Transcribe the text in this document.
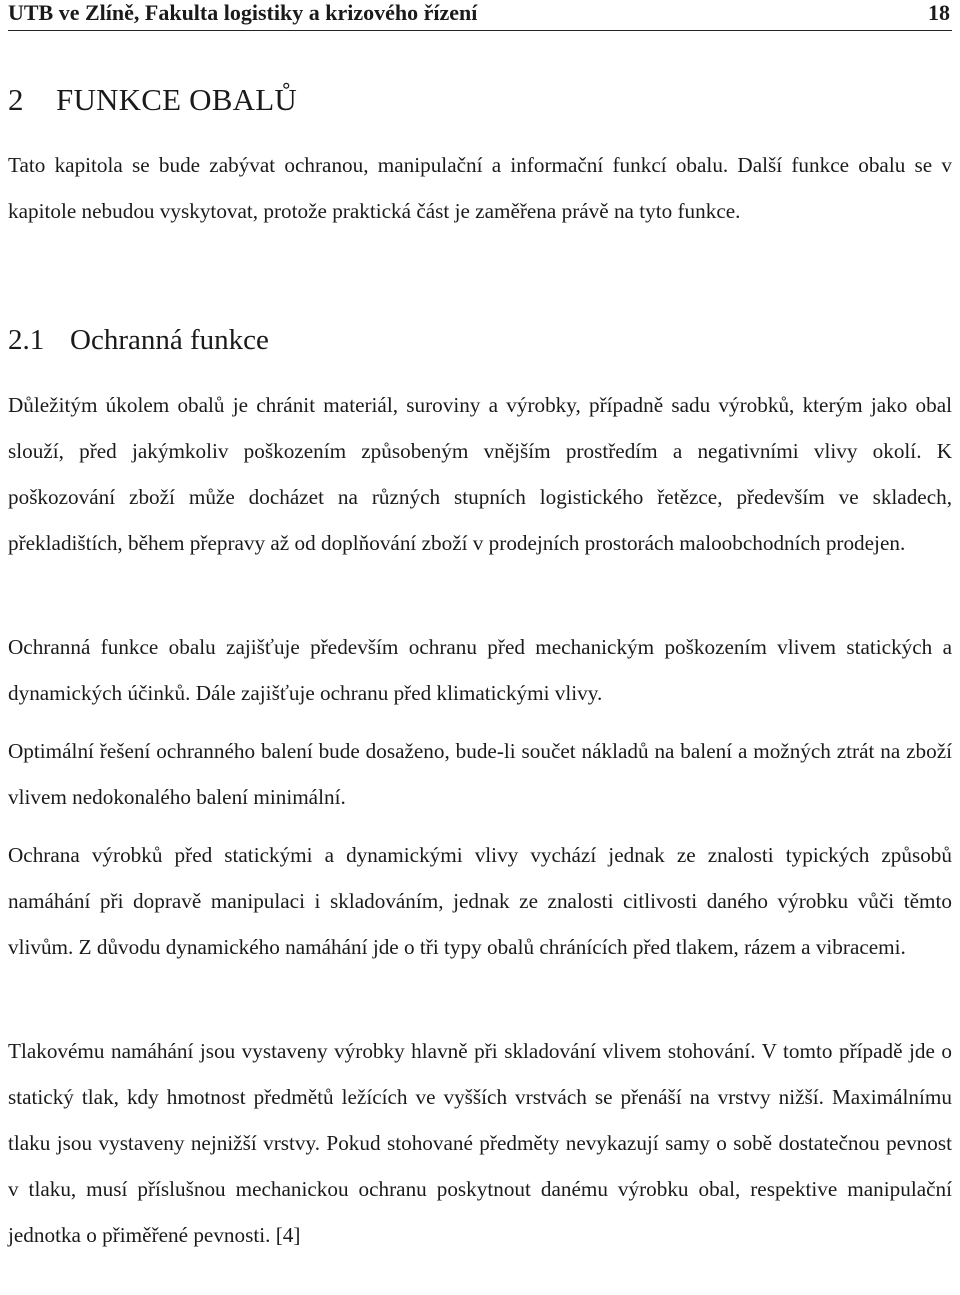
UTB ve Zlíně, Fakulta logistiky a krizového řízení	18
2 FUNKCE OBALŮ

Tato kapitola se bude zabývat ochranou, manipulační a informační funkcí obalu. Další funkce obalu se v kapitole nebudou vyskytovat, protože praktická část je zaměřena právě na tyto funkce.

2.1 Ochranná funkce

Důležitým úkolem obalů je chránit materiál, suroviny a výrobky, případně sadu výrobků, kterým jako obal slouží, před jakýmkoliv poškozením způsobeným vnějším prostředím a negativními vlivy okolí. K poškozování zboží může docházet na různých stupních logistického řetězce, především ve skladech, překladištích, během přepravy až od doplňování zboží v prodejních prostorách maloobchodních prodejen.

Ochranná funkce obalu zajišťuje především ochranu před mechanickým poškozením vlivem statických a dynamických účinků. Dále zajišťuje ochranu před klimatickými vlivy.

Optimální řešení ochranného balení bude dosaženo, bude-li součet nákladů na balení a možných ztrát na zboží vlivem nedokonalého balení minimální.

Ochrana výrobků před statickými a dynamickými vlivy vychází jednak ze znalosti typických způsobů namáhání při dopravě manipulaci i skladováním, jednak ze znalosti citlivosti daného výrobku vůči těmto vlivům. Z důvodu dynamického namáhání jde o tři typy obalů chránících před tlakem, rázem a vibracemi.

Tlakovému namáhání jsou vystaveny výrobky hlavně při skladování vlivem stohování. V tomto případě jde o statický tlak, kdy hmotnost předmětů ležících ve vyšších vrstvách se přenáší na vrstvy nižší. Maximálnímu tlaku jsou vystaveny nejnižší vrstvy. Pokud stohované předměty nevykazují samy o sobě dostatečnou pevnost v tlaku, musí příslušnou mechanickou ochranu poskytnout danému výrobku obal, respektive manipulační jednotka o přiměřené pevnosti. [4]
